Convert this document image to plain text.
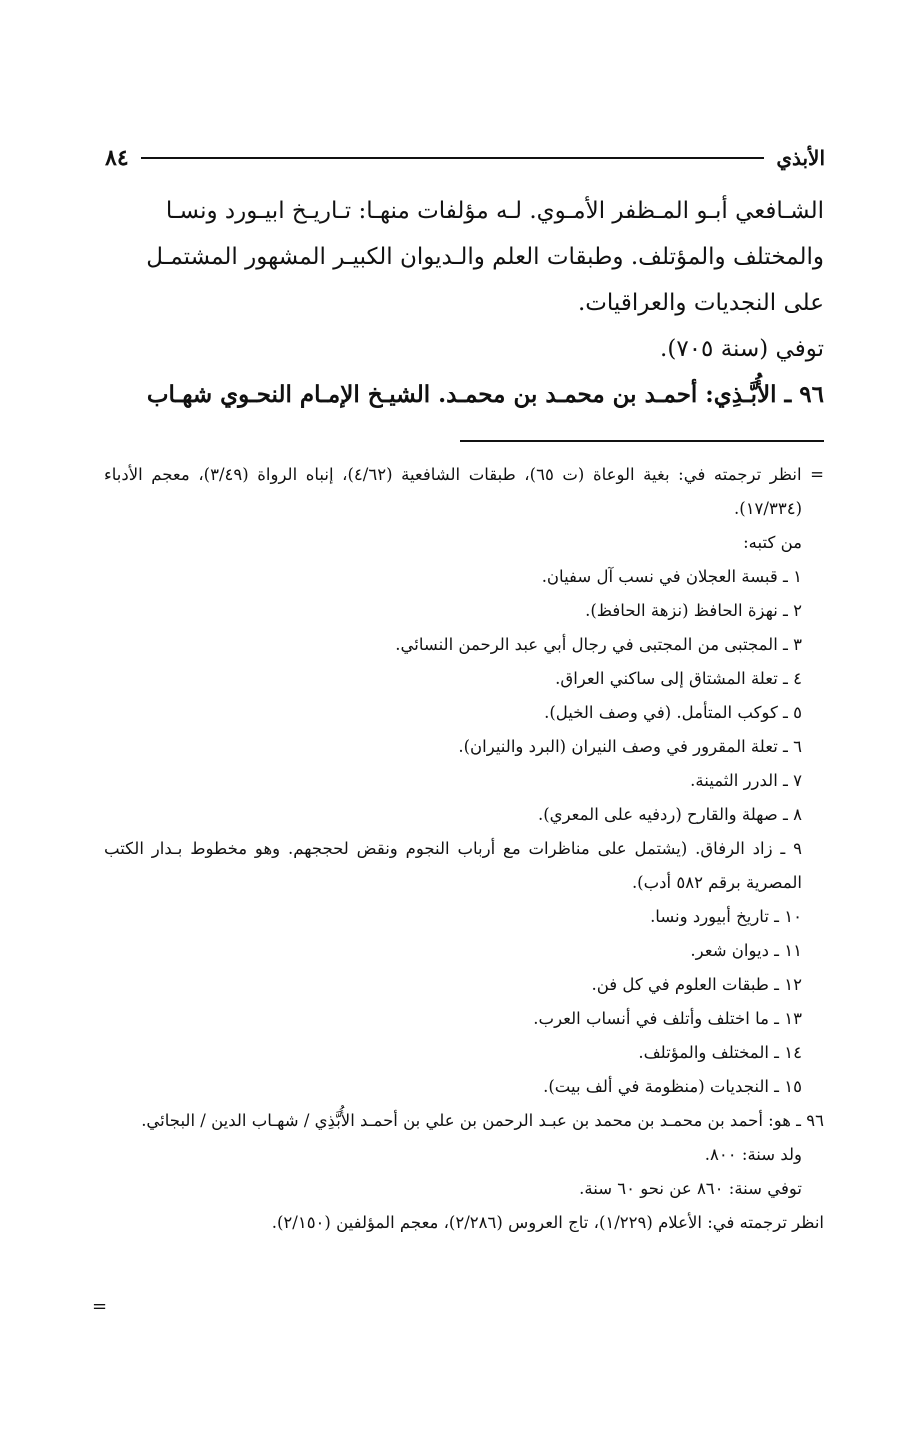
الأبذي
٨٤

الشـافعي أبـو المـظفر الأمـوي. لـه مؤلفات منهـا: تـاريـخ ابيـورد ونسـا

والمختلف والمؤتلف. وطبقات العلم والـديوان الكبيـر المشهور المشتمـل

على النجديات والعراقيات.

توفي (سنة ٧٠٥).

٩٦ ـ الأُبَّـذِي: أحمـد بن محمـد بن محمـد. الشيـخ الإمـام النحـوي شهـاب

= انظر ترجمته في: بغية الوعاة (ت ٦٥)، طبقات الشافعية (٤/٦٢)، إنباه الرواة (٣/٤٩)، معجم الأدباء (١٧/٣٣٤).

من كتبه:

١ ـ قبسة العجلان في نسب آل سفيان.

٢ ـ نهزة الحافظ (نزهة الحافظ).

٣ ـ المجتبى من المجتبى في رجال أبي عبد الرحمن النسائي.

٤ ـ تعلة المشتاق إلى ساكني العراق.

٥ ـ كوكب المتأمل. (في وصف الخيل).

٦ ـ تعلة المقرور في وصف النيران (البرد والنيران).

٧ ـ الدرر الثمينة.

٨ ـ صهلة والقارح (ردفيه على المعري).

٩ ـ زاد الرفاق. (يشتمل على مناظرات مع أرباب النجوم ونقض لحججهم. وهو مخطوط بـدار الكتب المصرية برقم ٥٨٢ أدب).

١٠ ـ تاريخ أبيورد ونسا.

١١ ـ ديوان شعر.

١٢ ـ طبقات العلوم في كل فن.

١٣ ـ ما اختلف وأتلف في أنساب العرب.

١٤ ـ المختلف والمؤتلف.

١٥ ـ النجديات (منظومة في ألف بيت).

٩٦ ـ هو: أحمد بن محمـد بن محمد بن عبـد الرحمن بن علي بن أحمـد الأُبَّذِي / شهـاب الدين / البجائي.

ولد سنة: ٨٠٠.

توفي سنة: ٨٦٠ عن نحو ٦٠ سنة.

انظر ترجمته في: الأعلام (١/٢٢٩)، تاج العروس (٢/٢٨٦)، معجم المؤلفين (٢/١٥٠).

=
